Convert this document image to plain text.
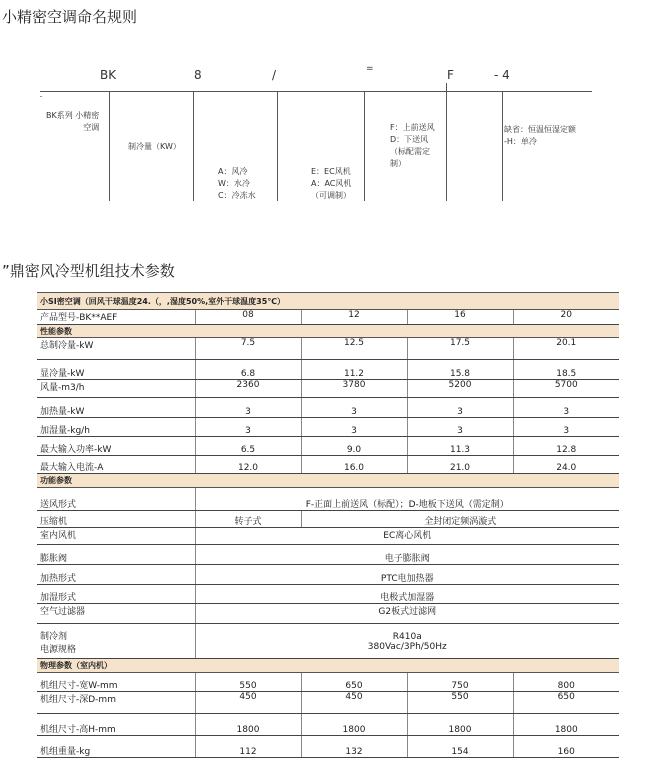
小精密空调命名规则
BK	8	/	=	F	- 4
BK系列 小精密
空调
制冷量（KW）
A：风冷
W：水冷
C：冷冻水
E：EC风机
A：AC风机
（可调制）
F：上前送风
D：下送风
（标配需定
制）
缺省：恒温恒湿定额
-H：单冷
”鼎密风冷型机组技术参数
小SI密空调（回风干球温度24.（，,湿度50%,室外干球温度35℃）				
产品型号-BK**AEF	08	12	16	20
性能参数				
总制冷量-kW	7.5	12.5	17.5	20.1
显冷量-kW	6.8	11.2	15.8	18.5
风量-m3/h	2360	3780	5200	5700
加热量-kW	3	3	3	3
加湿量-kg/h	3	3	3	3
最大输入功率-kW	6.5	9.0	11.3	12.8
最大输入电流-A	12.0	16.0	21.0	24.0
功能参数				
送风形式	F-正面上前送风（标配）；D-地板下送风（需定制）			
压缩机	转子式	全封闭定频涡漩式		
室内风机	EC离心风机			
膨胀阀	电子膨胀阀			
加热形式	PTC电加热器			
加湿形式	电极式加湿器			
空气过滤器	G2板式过滤网			
制冷剂	R410a			
电源规格	380Vac/3Ph/50Hz			
物理参数（室内机）				
机组尺寸-宽W-mm	550	650	750	800
机组尺寸-深D-mm	450	450	550	650
机组尺寸-高H-mm	1800	1800	1800	1800
机组重量-kg	112	132	154	160
